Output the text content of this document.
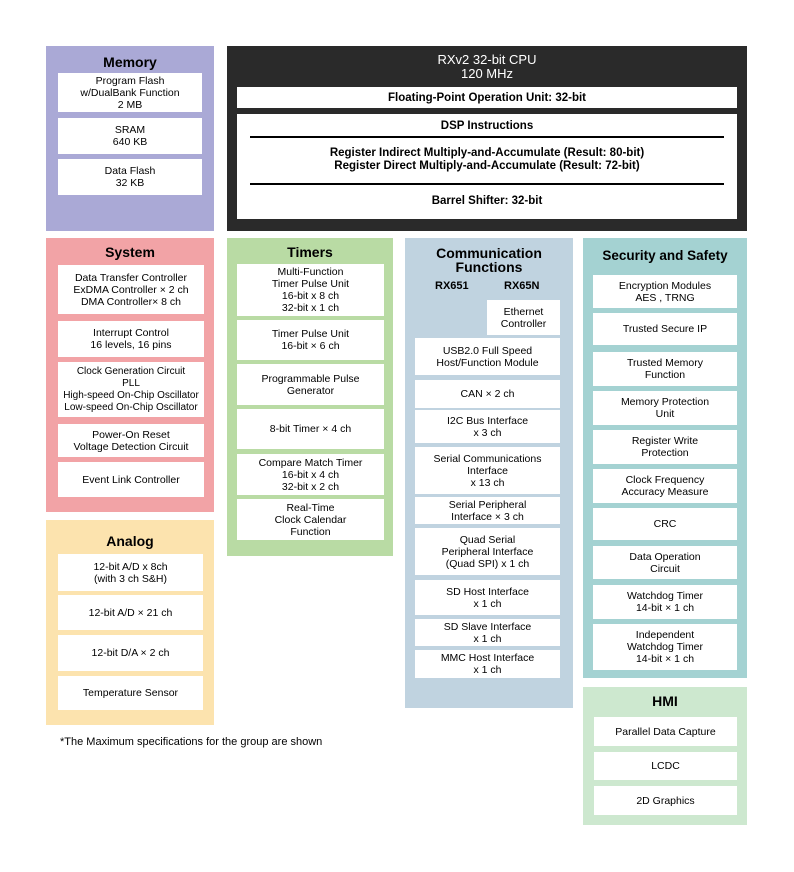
Memory
Program Flash
w/DualBank Function
2 MB
SRAM
640 KB
Data Flash
32 KB
RXv2 32-bit CPU
120 MHz
Floating-Point Operation Unit: 32-bit
DSP Instructions
Register Indirect Multiply-and-Accumulate (Result: 80-bit)
Register Direct Multiply-and-Accumulate (Result: 72-bit)
Barrel Shifter: 32-bit
System
Data Transfer Controller
ExDMA Controller × 2 ch
DMA Controller× 8 ch
Interrupt Control
16 levels, 16 pins
Clock Generation Circuit
PLL
High-speed On-Chip Oscillator
Low-speed On-Chip Oscillator
Power-On Reset
Voltage Detection Circuit
Event Link Controller
Analog
12-bit A/D x 8ch
(with 3 ch S&H)
12-bit A/D × 21 ch
12-bit D/A × 2 ch
Temperature Sensor
Timers
Multi-Function
Timer Pulse Unit
16-bit x 8 ch
32-bit x 1 ch
Timer Pulse Unit
16-bit × 6 ch
Programmable Pulse
Generator
8-bit Timer × 4 ch
Compare Match Timer
16-bit x 4 ch
32-bit x 2 ch
Real-Time
Clock Calendar
Function
Communication
Functions
RX651	RX65N
Ethernet
Controller
USB2.0 Full Speed
Host/Function Module
CAN × 2 ch
I2C Bus Interface
x 3 ch
Serial Communications
Interface
x 13 ch
Serial Peripheral
Interface × 3 ch
Quad Serial
Peripheral Interface
(Quad SPI) x 1 ch
SD Host Interface
x 1 ch
SD Slave Interface
x 1 ch
MMC Host Interface
x 1 ch
Security and Safety
Encryption Modules
AES , TRNG
Trusted Secure IP
Trusted Memory
Function
Memory Protection
Unit
Register Write
Protection
Clock Frequency
Accuracy Measure
CRC
Data Operation
Circuit
Watchdog Timer
14-bit × 1 ch
Independent
Watchdog Timer
14-bit × 1 ch
HMI
Parallel Data Capture
LCDC
2D Graphics
*The Maximum specifications for the group are shown
